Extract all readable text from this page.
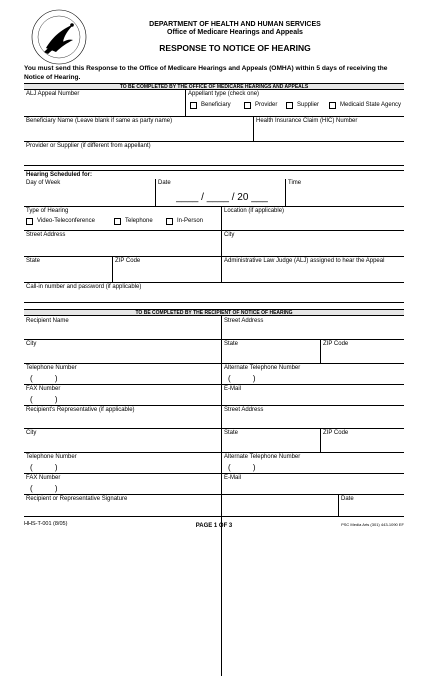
DEPARTMENT OF HEALTH AND HUMAN SERVICES
Office of Medicare Hearings and Appeals
RESPONSE TO NOTICE OF HEARING
You must send this Response to the Office of Medicare Hearings and Appeals (OMHA) within 5 days of receiving the Notice of Hearing.
TO BE COMPLETED BY THE OFFICE OF MEDICARE HEARINGS AND APPEALS
ALJ Appeal Number	Appellant type (check one)
Beneficiary	Provider	Supplier	Medicaid State Agency
Beneficiary Name (Leave blank if same as party name)	Health Insurance Claim (HIC) Number
Provider or Supplier (if different from appellant)
Hearing Scheduled for:
Day of Week	Date	Time
____ / ____ / 20 ___
Type of Hearing	Location (if applicable)
Video-Teleconference	Telephone	In-Person
Street Address	City
State	ZIP Code	Administrative Law Judge (ALJ) assigned to hear the Appeal
Call-in number and password (if applicable)
TO BE COMPLETED BY THE RECIPIENT OF NOTICE OF HEARING
Recipient Name	Street Address
City	State	ZIP Code
Telephone Number	Alternate Telephone Number
(          )	(          )
FAX Number	E-Mail
(          )
Recipient's Representative (if applicable)	Street Address
City	State	ZIP Code
Telephone Number	Alternate Telephone Number
(          )	(          )
FAX Number	E-Mail
(          )
Recipient or Representative Signature	Date
HHS-T-001 (8/05)	PAGE 1 OF 3	PSC Media Arts (301) 443-1090 EF
